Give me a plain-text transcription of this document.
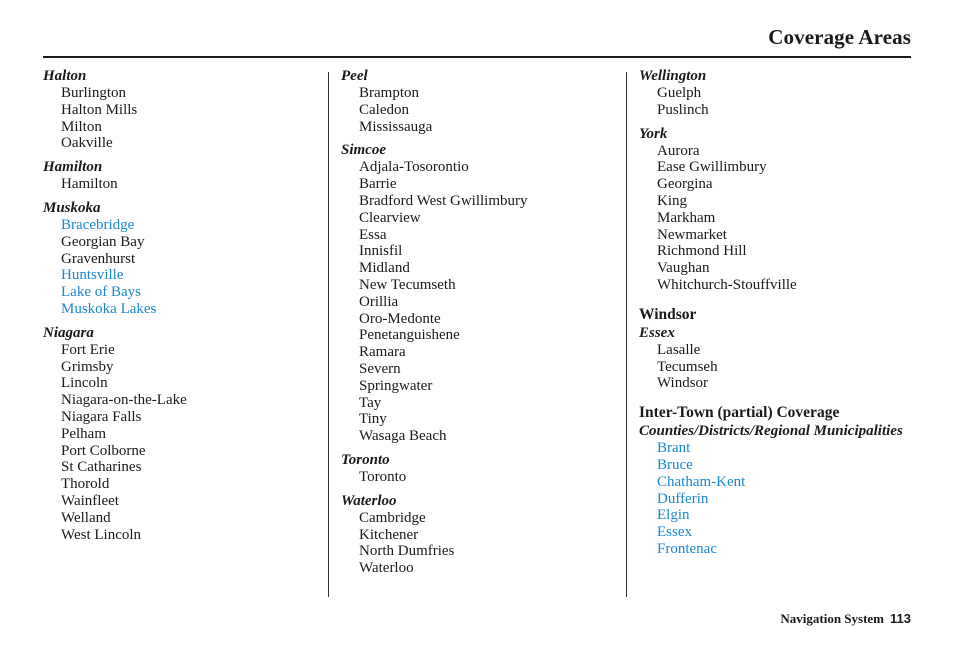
Coverage Areas
Halton
Burlington
Halton Mills
Milton
Oakville
Hamilton
Hamilton
Muskoka
Bracebridge
Georgian Bay
Gravenhurst
Huntsville
Lake of Bays
Muskoka Lakes
Niagara
Fort Erie
Grimsby
Lincoln
Niagara-on-the-Lake
Niagara Falls
Pelham
Port Colborne
St Catharines
Thorold
Wainfleet
Welland
West Lincoln
Peel
Brampton
Caledon
Mississauga
Simcoe
Adjala-Tosorontio
Barrie
Bradford West Gwillimbury
Clearview
Essa
Innisfil
Midland
New Tecumseth
Orillia
Oro-Medonte
Penetanguishene
Ramara
Severn
Springwater
Tay
Tiny
Wasaga Beach
Toronto
Toronto
Waterloo
Cambridge
Kitchener
North Dumfries
Waterloo
Wellington
Guelph
Puslinch
York
Aurora
Ease Gwillimbury
Georgina
King
Markham
Newmarket
Richmond Hill
Vaughan
Whitchurch-Stouffville
Windsor
Essex
Lasalle
Tecumseh
Windsor
Inter-Town (partial) Coverage
Counties/Districts/Regional Municipalities
Brant
Bruce
Chatham-Kent
Dufferin
Elgin
Essex
Frontenac
Navigation System 113
